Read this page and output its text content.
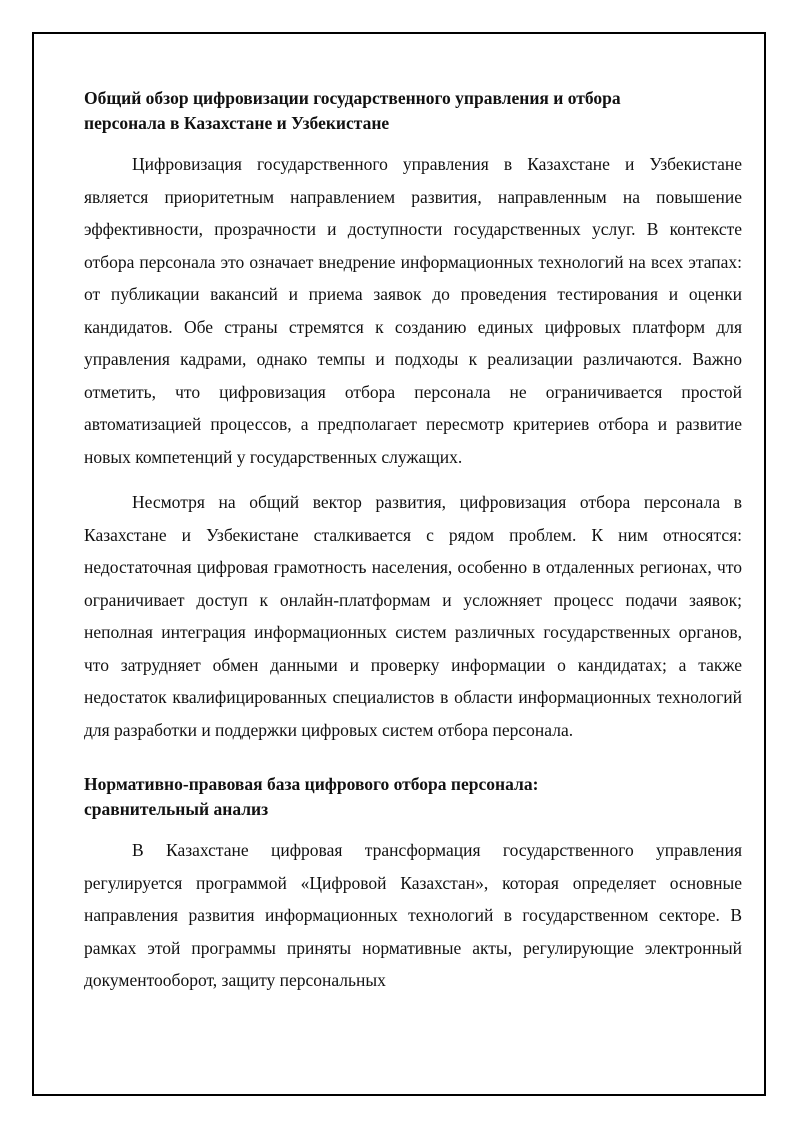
Общий обзор цифровизации государственного управления и отбора
персонала в Казахстане и Узбекистане

Цифровизация государственного управления в Казахстане и Узбекистане является приоритетным направлением развития, направленным на повышение эффективности, прозрачности и доступности государственных услуг. В контексте отбора персонала это означает внедрение информационных технологий на всех этапах: от публикации вакансий и приема заявок до проведения тестирования и оценки кандидатов. Обе страны стремятся к созданию единых цифровых платформ для управления кадрами, однако темпы и подходы к реализации различаются. Важно отметить, что цифровизация отбора персонала не ограничивается простой автоматизацией процессов, а предполагает пересмотр критериев отбора и развитие новых компетенций у государственных служащих.

Несмотря на общий вектор развития, цифровизация отбора персонала в Казахстане и Узбекистане сталкивается с рядом проблем. К ним относятся: недостаточная цифровая грамотность населения, особенно в отдаленных регионах, что ограничивает доступ к онлайн-платформам и усложняет процесс подачи заявок; неполная интеграция информационных систем различных государственных органов, что затрудняет обмен данными и проверку информации о кандидатах; а также недостаток квалифицированных специалистов в области информационных технологий для разработки и поддержки цифровых систем отбора персонала.

Нормативно-правовая база цифрового отбора персонала:
сравнительный анализ

В Казахстане цифровая трансформация государственного управления регулируется программой «Цифровой Казахстан», которая определяет основные направления развития информационных технологий в государственном секторе. В рамках этой программы приняты нормативные акты, регулирующие электронный документооборот, защиту персональных
